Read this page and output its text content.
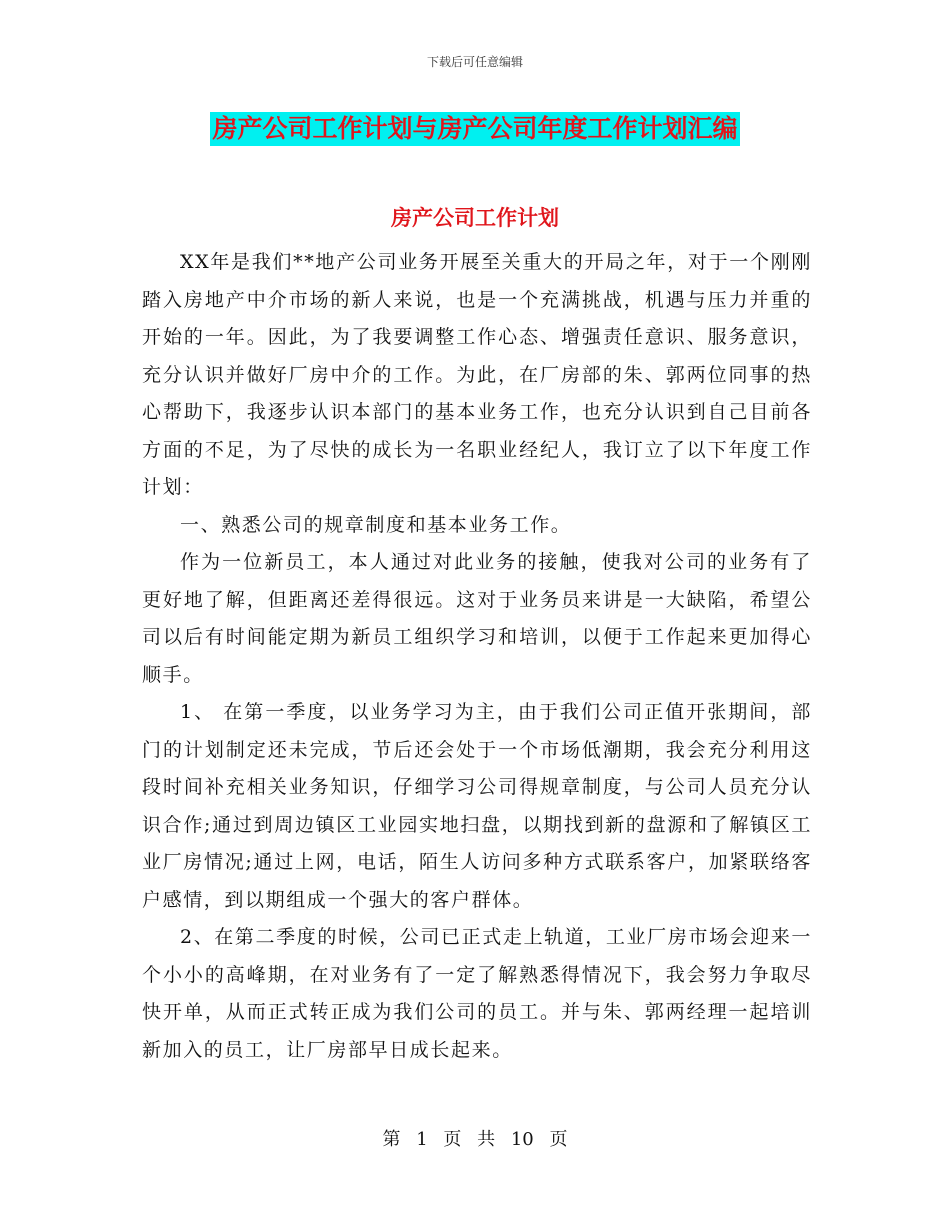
下载后可任意编辑
房产公司工作计划与房产公司年度工作计划汇编
房产公司工作计划

XX年是我们**地产公司业务开展至关重大的开局之年，对于一个刚刚踏入房地产中介市场的新人来说，也是一个充满挑战，机遇与压力并重的开始的一年。因此，为了我要调整工作心态、增强责任意识、服务意识，充分认识并做好厂房中介的工作。为此，在厂房部的朱、郭两位同事的热心帮助下，我逐步认识本部门的基本业务工作，也充分认识到自己目前各方面的不足，为了尽快的成长为一名职业经纪人，我订立了以下年度工作计划：

一、熟悉公司的规章制度和基本业务工作。

作为一位新员工，本人通过对此业务的接触，使我对公司的业务有了更好地了解，但距离还差得很远。这对于业务员来讲是一大缺陷，希望公司以后有时间能定期为新员工组织学习和培训，以便于工作起来更加得心顺手。

1、 在第一季度，以业务学习为主，由于我们公司正值开张期间，部门的计划制定还未完成，节后还会处于一个市场低潮期，我会充分利用这段时间补充相关业务知识，仔细学习公司得规章制度，与公司人员充分认识合作;通过到周边镇区工业园实地扫盘，以期找到新的盘源和了解镇区工业厂房情况;通过上网，电话，陌生人访问多种方式联系客户，加紧联络客户感情，到以期组成一个强大的客户群体。

2、在第二季度的时候，公司已正式走上轨道，工业厂房市场会迎来一个小小的高峰期，在对业务有了一定了解熟悉得情况下，我会努力争取尽快开单，从而正式转正成为我们公司的员工。并与朱、郭两经理一起培训新加入的员工，让厂房部早日成长起来。

第 1 页 共 10 页
